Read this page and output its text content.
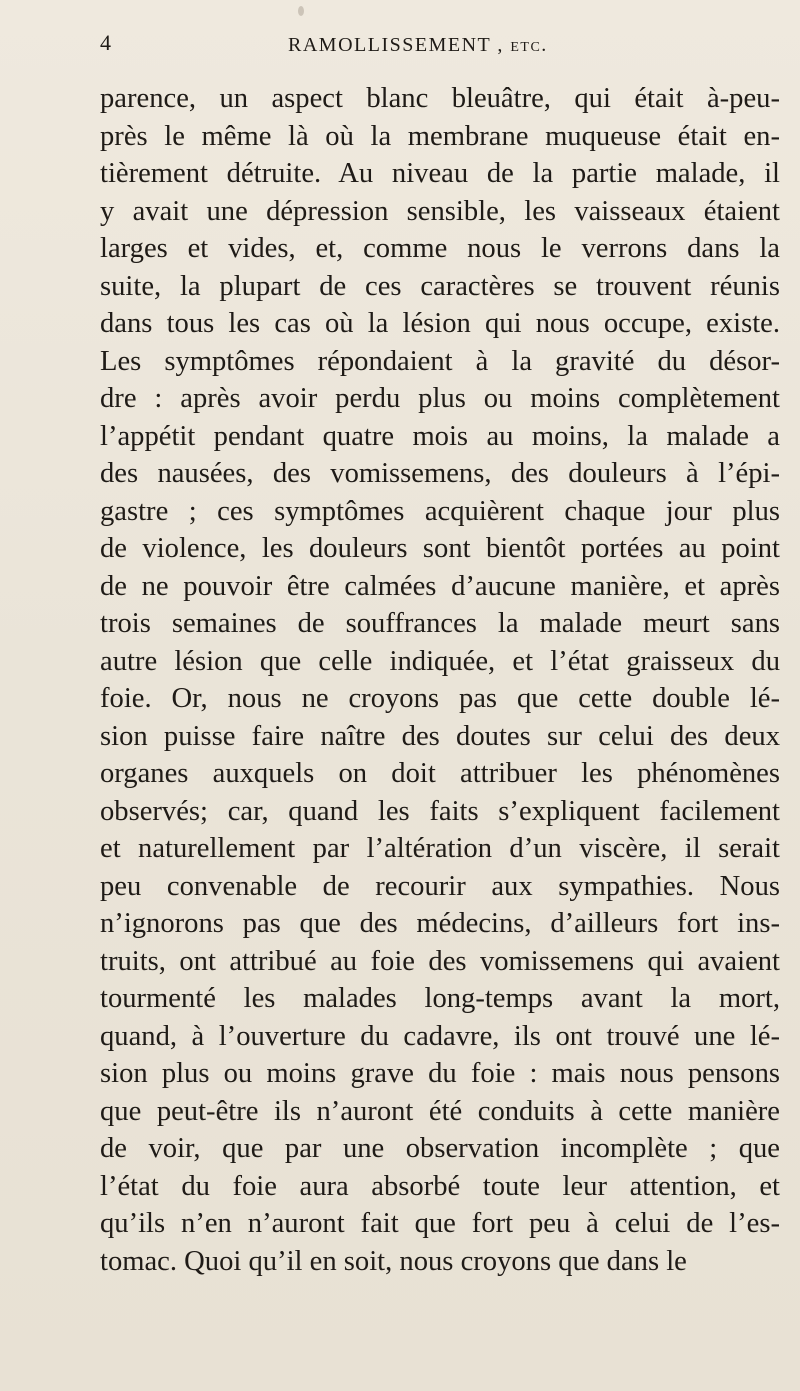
4	RAMOLLISSEMENT , etc.
parence, un aspect blanc bleuâtre, qui était à-peu-
près le même là où la membrane muqueuse était en-
tièrement détruite. Au niveau de la partie malade, il
y avait une dépression sensible, les vaisseaux étaient
larges et vides, et, comme nous le verrons dans la
suite, la plupart de ces caractères se trouvent réunis
dans tous les cas où la lésion qui nous occupe, existe.
Les symptômes répondaient à la gravité du désor-
dre : après avoir perdu plus ou moins complètement
l’appétit pendant quatre mois au moins, la malade a
des nausées, des vomissemens, des douleurs à l’épi-
gastre ; ces symptômes acquièrent chaque jour plus
de violence, les douleurs sont bientôt portées au point
de ne pouvoir être calmées d’aucune manière, et après
trois semaines de souffrances la malade meurt sans
autre lésion que celle indiquée, et l’état graisseux du
foie. Or, nous ne croyons pas que cette double lé-
sion puisse faire naître des doutes sur celui des deux
organes auxquels on doit attribuer les phénomènes
observés; car, quand les faits s’expliquent facilement
et naturellement par l’altération d’un viscère, il serait
peu convenable de recourir aux sympathies. Nous
n’ignorons pas que des médecins, d’ailleurs fort ins-
truits, ont attribué au foie des vomissemens qui avaient
tourmenté les malades long-temps avant la mort,
quand, à l’ouverture du cadavre, ils ont trouvé une lé-
sion plus ou moins grave du foie : mais nous pensons
que peut-être ils n’auront été conduits à cette manière
de voir, que par une observation incomplète ; que
l’état du foie aura absorbé toute leur attention, et
qu’ils n’en n’auront fait que fort peu à celui de l’es-
tomac. Quoi qu’il en soit, nous croyons que dans le
